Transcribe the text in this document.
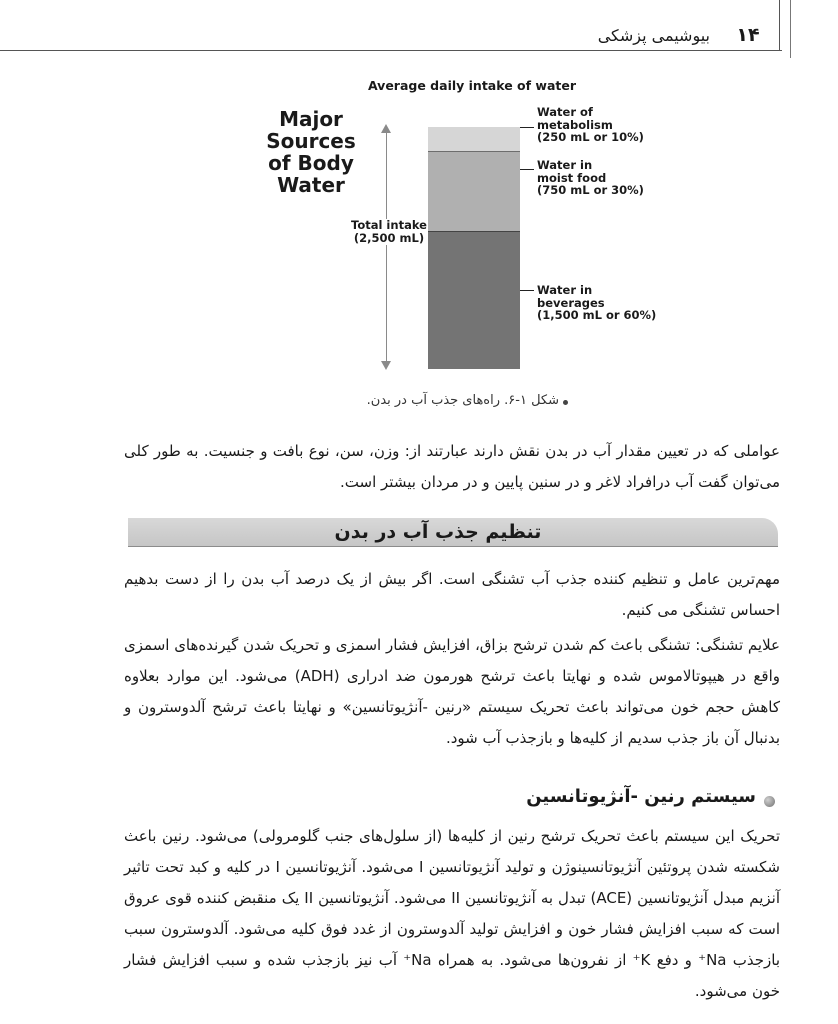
بیوشیمی پزشکی	۱۴
Average daily intake of water
Major
Sources
of Body
Water
Total intake
(2,500 mL)
Water of
metabolism
(250 mL or 10%)
Water in
moist food
(750 mL or 30%)
Water in
beverages
(1,500 mL or 60%)
شکل ۱-۶. راه‌های جذب آب در بدن.
عواملی که در تعیین مقدار آب در بدن نقش دارند عبارتند از: وزن، سن، نوع بافت و جنسیت. به طور کلی می‌توان گفت آب درافراد لاغر و در سنین پایین و در مردان بیشتر است.
تنظیم جذب آب در بدن
مهم‌ترین عامل و تنظیم کننده جذب آب تشنگی است. اگر بیش از یک درصد آب بدن را از دست بدهیم احساس تشنگی می کنیم.
علایم تشنگی: تشنگی باعث کم شدن ترشح بزاق، افزایش فشار اسمزی و تحریک شدن گیرنده‌های اسمزی واقع در هیپوتالاموس شده و نهایتا باعث ترشح هورمون ضد ادراری (ADH) می‌شود. این موارد بعلاوه کاهش حجم خون می‌تواند باعث تحریک سیستم «رنین -آنژیوتانسین» و نهایتا باعث ترشح آلدوسترون و بدنبال آن باز جذب سدیم از کلیه‌ها و بازجذب آب شود.
سیستم رنین -آنژیوتانسین
تحریک این سیستم باعث تحریک ترشح رنین از کلیه‌ها (از سلول‌های جنب گلومرولی) می‌شود. رنین باعث شکسته شدن پروتئین آنژیوتانسینوژن و تولید آنژیوتانسین I می‌شود. آنژیوتانسین I در کلیه و کبد تحت تاثیر آنزیم مبدل آنژیوتانسین (ACE) تبدل به آنژیوتانسین II می‌شود. آنژیوتانسین II یک منقبض کننده قوی عروق است که سبب افزایش فشار خون و افزایش تولید آلدوسترون از غدد فوق کلیه می‌شود. آلدوسترون سبب بازجذب Na⁺ و دفع K⁺ از نفرون‌ها می‌شود. به همراه Na⁺ آب نیز بازجذب شده و سبب افزایش فشار خون می‌شود.
